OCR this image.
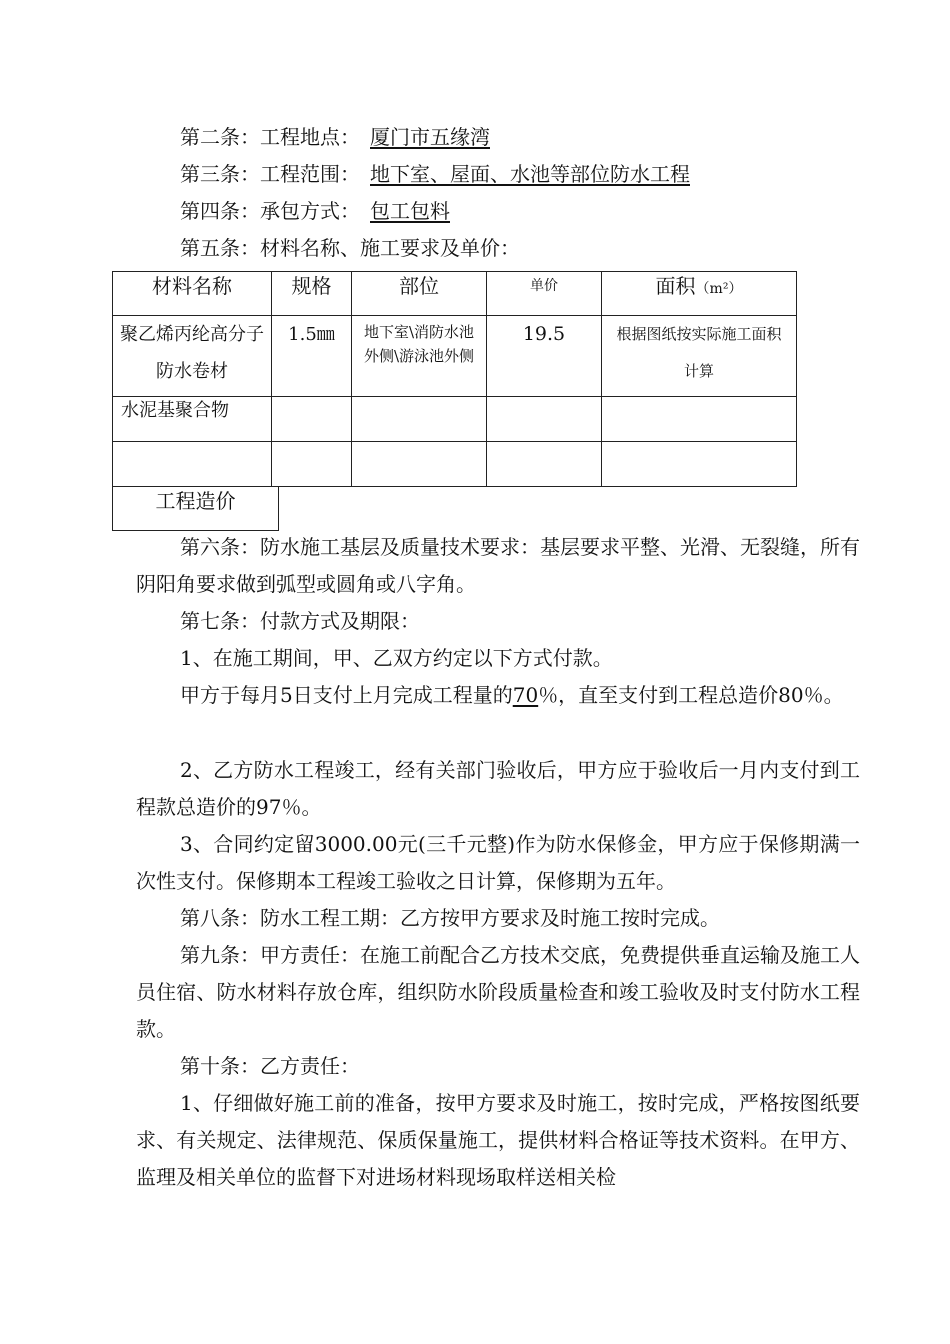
第二条：工程地点： 厦门市五缘湾
第三条：工程范围： 地下室、屋面、水池等部位防水工程
第四条：承包方式： 包工包料
第五条：材料名称、施工要求及单价：
材料名称	规格	部位	单价	面积（m²）
聚乙烯丙纶高分子防水卷材	1.5㎜	地下室\消防水池外侧\游泳池外侧	19.5	根据图纸按实际施工面积计算
水泥基聚合物				

工程造价
第六条：防水施工基层及质量技术要求：基层要求平整、光滑、无裂缝，所有阴阳角要求做到弧型或圆角或八字角。
第七条：付款方式及期限：
1、在施工期间，甲、乙双方约定以下方式付款。
甲方于每月5日支付上月完成工程量的70％，直至支付到工程总造价80％。
2、乙方防水工程竣工，经有关部门验收后，甲方应于验收后一月内支付到工程款总造价的97％。
3、合同约定留3000.00元(三千元整)作为防水保修金，甲方应于保修期满一次性支付。保修期本工程竣工验收之日计算，保修期为五年。
第八条：防水工程工期：乙方按甲方要求及时施工按时完成。
第九条：甲方责任：在施工前配合乙方技术交底，免费提供垂直运输及施工人员住宿、防水材料存放仓库，组织防水阶段质量检查和竣工验收及时支付防水工程款。
第十条：乙方责任：
1、仔细做好施工前的准备，按甲方要求及时施工，按时完成，严格按图纸要求、有关规定、法律规范、保质保量施工，提供材料合格证等技术资料。在甲方、监理及相关单位的监督下对进场材料现场取样送相关检
